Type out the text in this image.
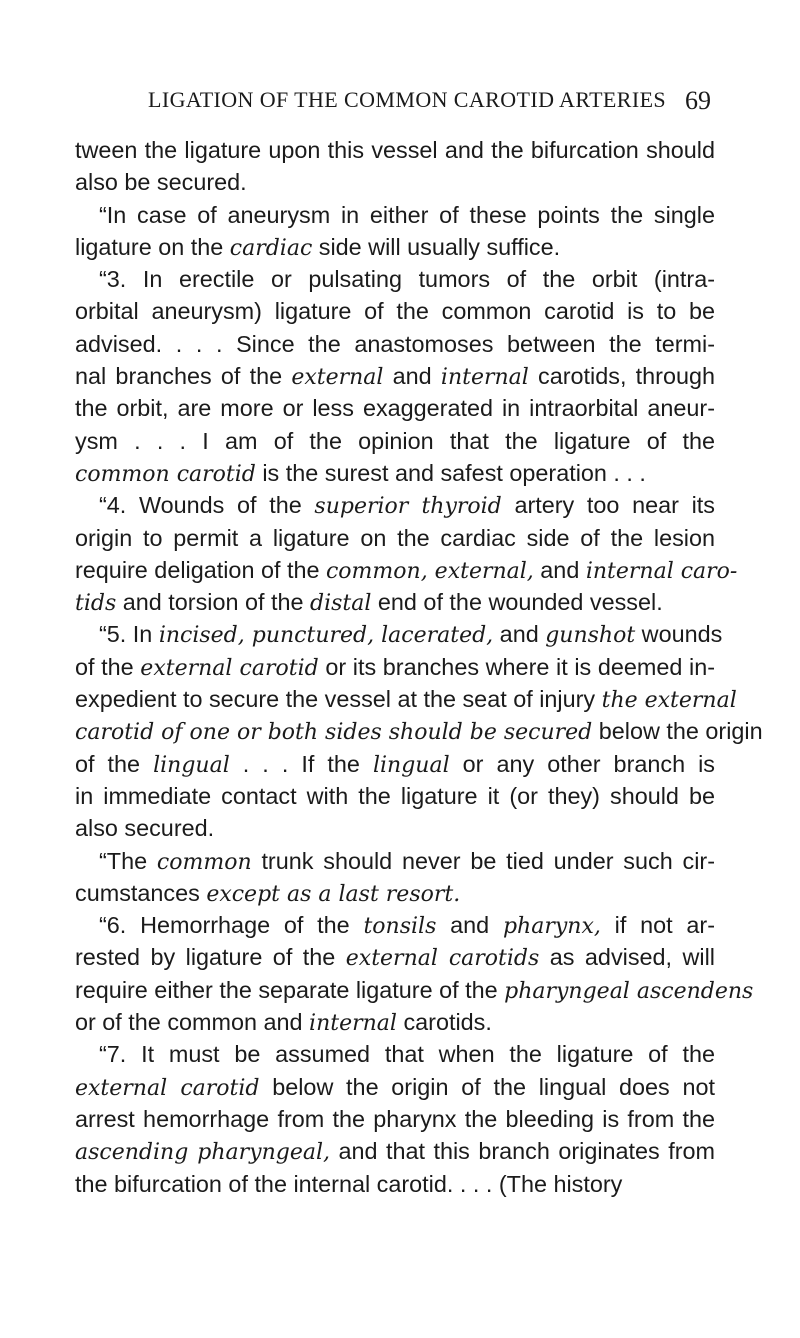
LIGATION OF THE COMMON CAROTID ARTERIES 69
tween the ligature upon this vessel and the bifurcation should
also be secured.
“In case of aneurysm in either of these points the single
ligature on the cardiac side will usually suffice.
“3. In erectile or pulsating tumors of the orbit (intra-
orbital aneurysm) ligature of the common carotid is to be
advised. . . . Since the anastomoses between the termi-
nal branches of the external and internal carotids, through
the orbit, are more or less exaggerated in intraorbital aneur-
ysm . . . I am of the opinion that the ligature of the
common carotid is the surest and safest operation . . .
“4. Wounds of the superior thyroid artery too near its
origin to permit a ligature on the cardiac side of the lesion
require deligation of the common, external, and internal caro-
tids and torsion of the distal end of the wounded vessel.
“5. In incised, punctured, lacerated, and gunshot wounds
of the external carotid or its branches where it is deemed in-
expedient to secure the vessel at the seat of injury the external
carotid of one or both sides should be secured below the origin
of the lingual . . . If the lingual or any other branch is
in immediate contact with the ligature it (or they) should be
also secured.
“The common trunk should never be tied under such cir-
cumstances except as a last resort.
“6. Hemorrhage of the tonsils and pharynx, if not ar-
rested by ligature of the external carotids as advised, will
require either the separate ligature of the pharyngeal ascendens
or of the common and internal carotids.
“7. It must be assumed that when the ligature of the
external carotid below the origin of the lingual does not
arrest hemorrhage from the pharynx the bleeding is from the
ascending pharyngeal, and that this branch originates from
the bifurcation of the internal carotid. . . . (The history
